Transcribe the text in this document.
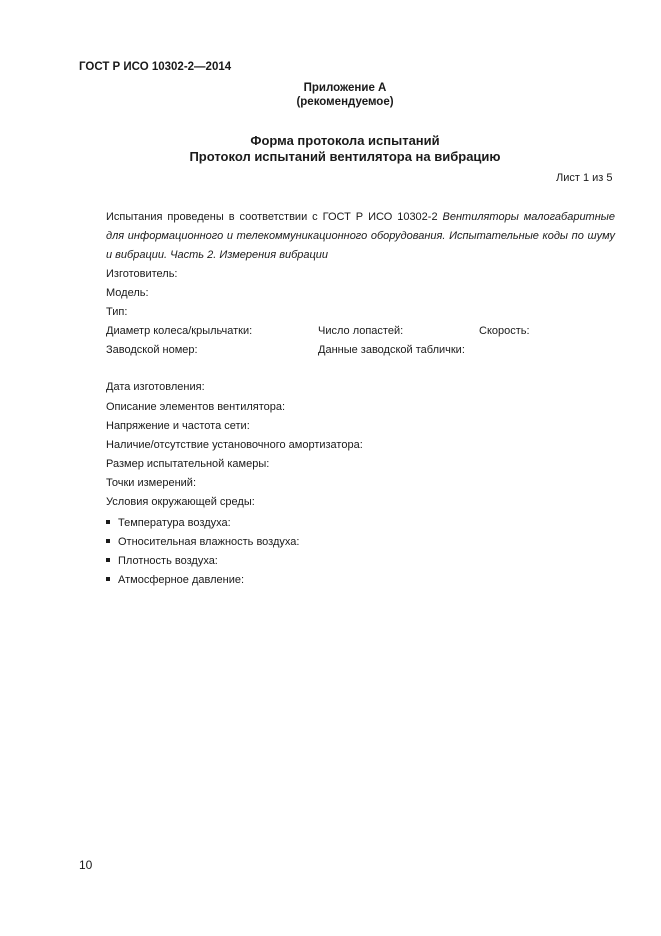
ГОСТ Р ИСО 10302-2—2014
Приложение А
(рекомендуемое)
Форма протокола испытаний
Протокол испытаний вентилятора на вибрацию
Лист 1 из 5
Испытания проведены в соответствии с ГОСТ Р ИСО 10302-2 Вентиляторы малогабаритные для информационного и телекоммуникационного оборудования. Испытательные коды по шуму и вибрации. Часть 2. Измерения вибрации
Изготовитель:
Модель:
Тип:
Диаметр колеса/крыльчатки:	Число лопастей:	Скорость:
Заводской номер:	Данные заводской таблички:
Дата изготовления:
Описание элементов вентилятора:
Напряжение и частота сети:
Наличие/отсутствие установочного амортизатора:
Размер испытательной камеры:
Точки измерений:
Условия окружающей среды:
Температура воздуха:
Относительная влажность воздуха:
Плотность воздуха:
Атмосферное давление:
10
